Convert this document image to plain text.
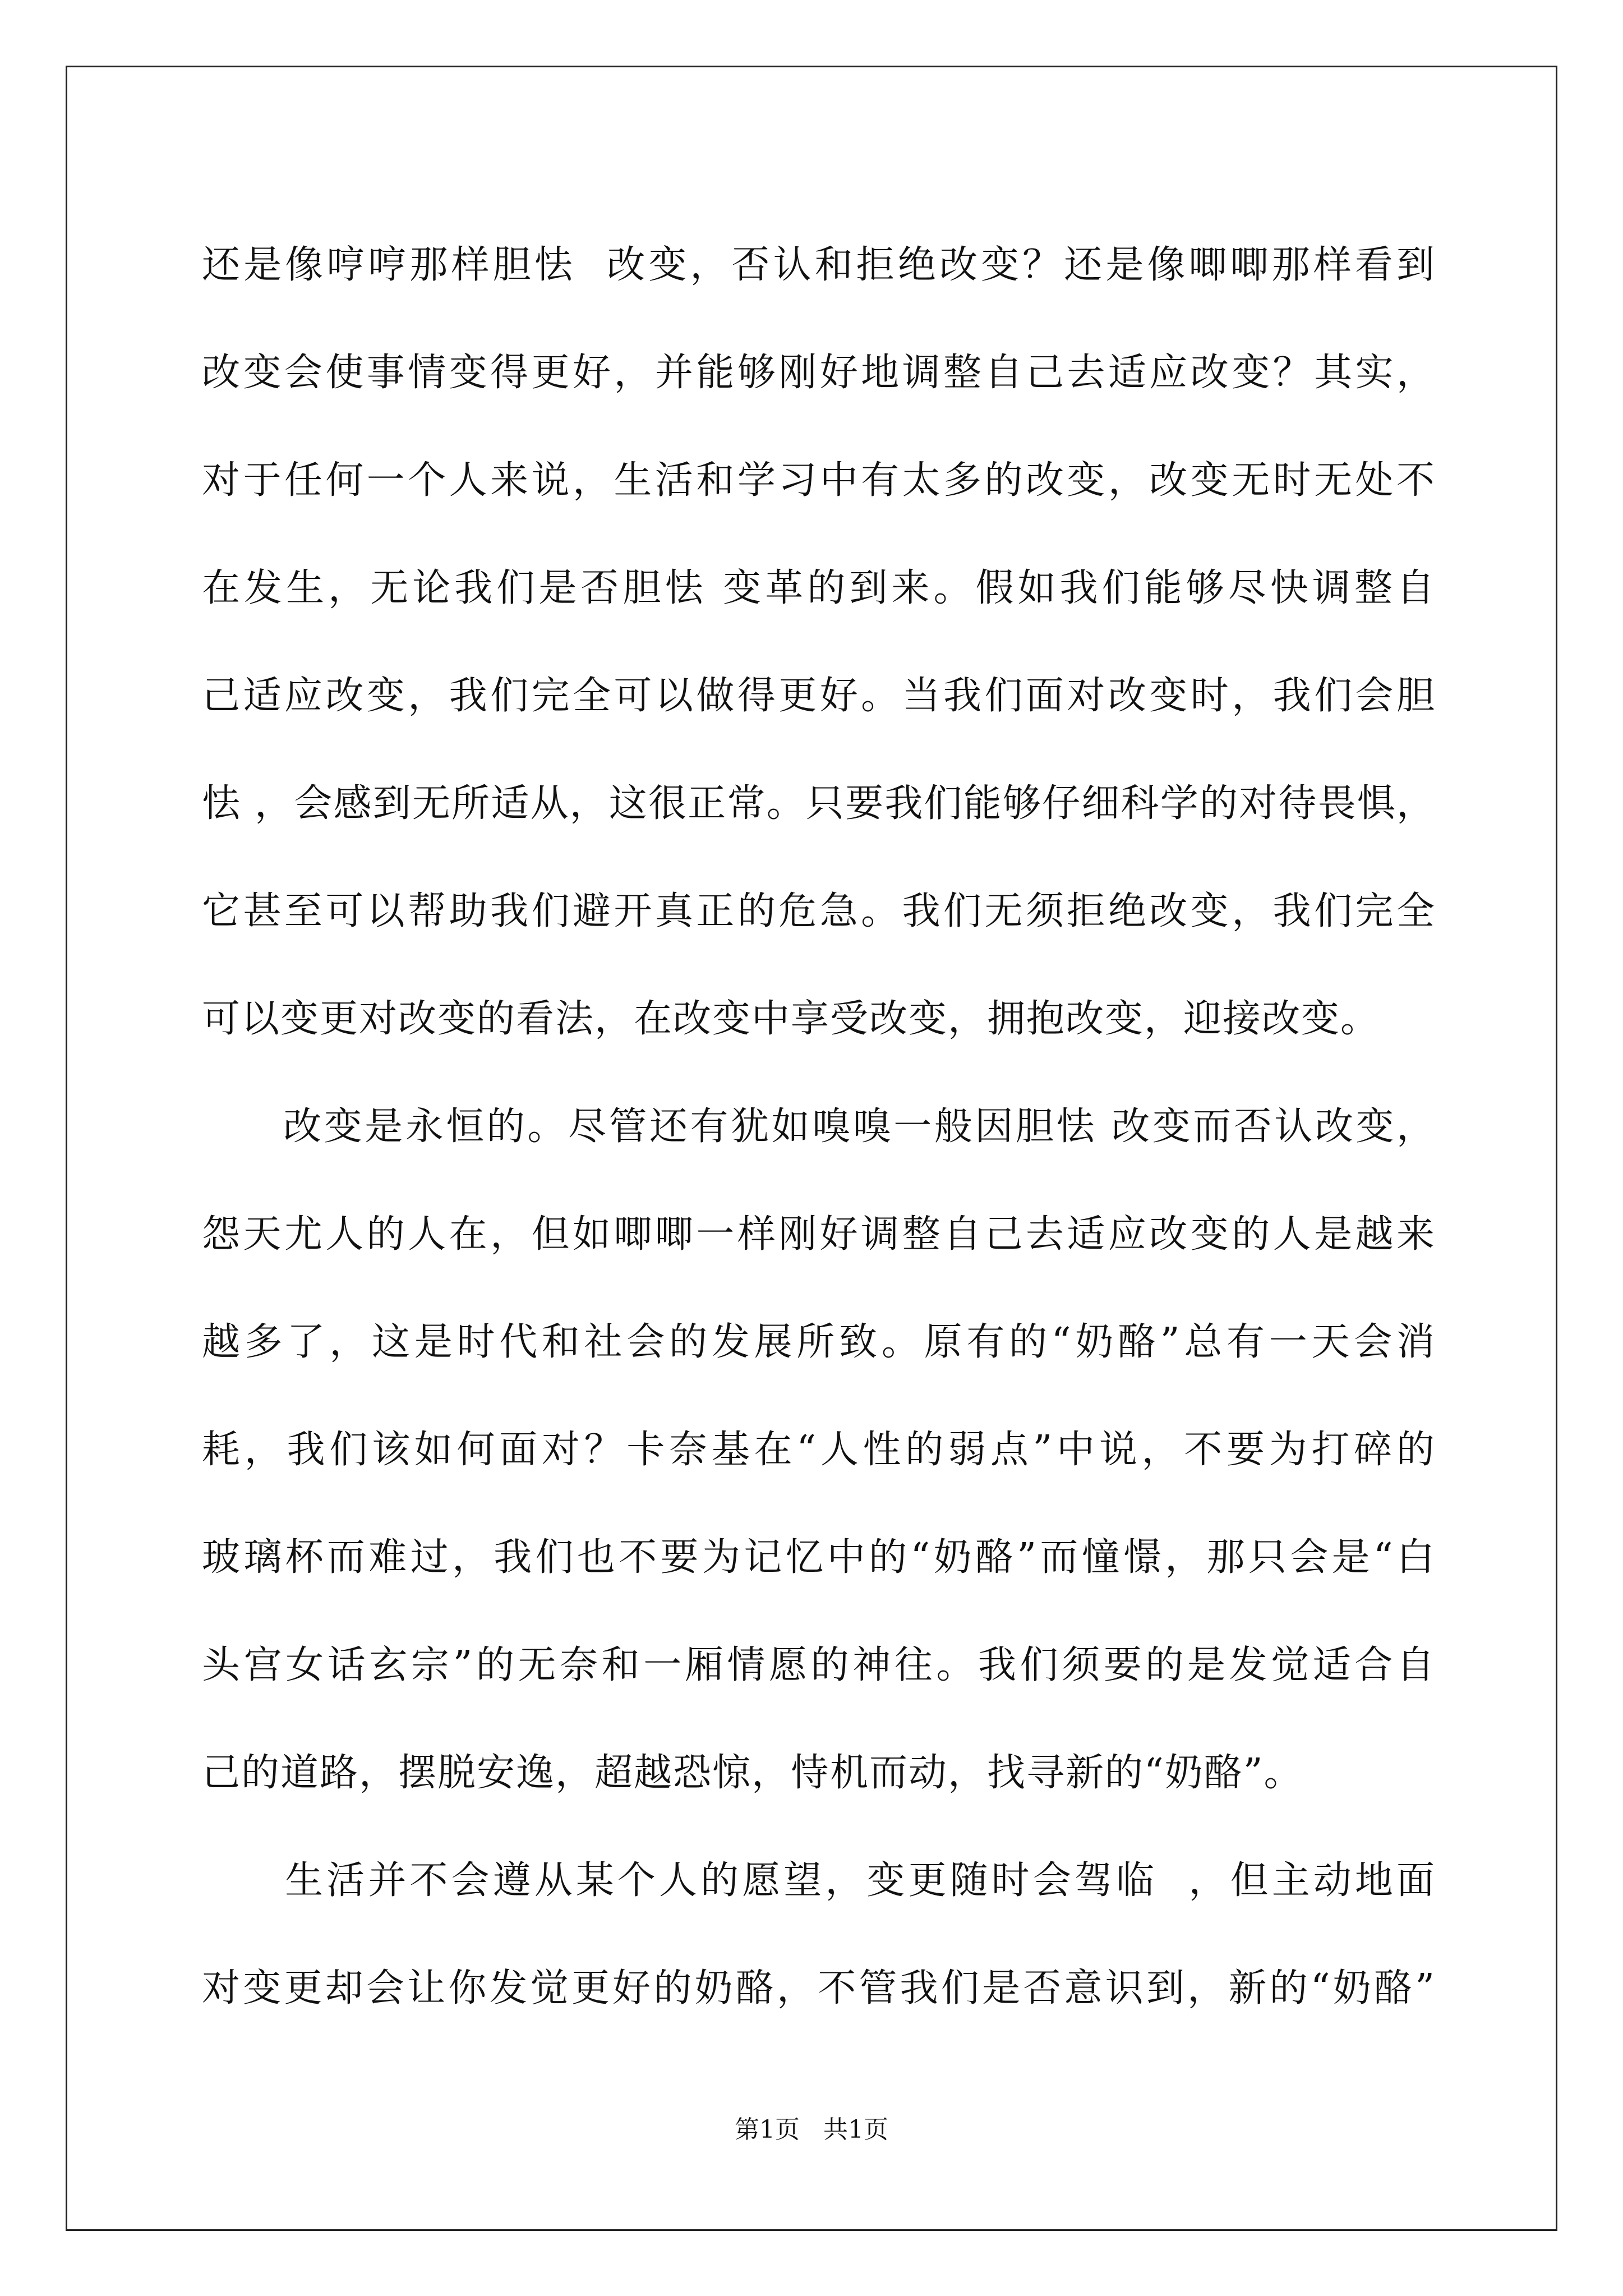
还是像哼哼那样胆怯  改变，否认和拒绝改变？还是像唧唧那样看到
改变会使事情变得更好，并能够刚好地调整自己去适应改变？其实，
对于任何一个人来说，生活和学习中有太多的改变，改变无时无处不
在发生，无论我们是否胆怯 变革的到来。假如我们能够尽快调整自
己适应改变，我们完全可以做得更好。当我们面对改变时，我们会胆
怯 ，会感到无所适从，这很正常。只要我们能够仔细科学的对待畏惧，
它甚至可以帮助我们避开真正的危急。我们无须拒绝改变，我们完全
可以变更对改变的看法，在改变中享受改变，拥抱改变，迎接改变。
　　改变是永恒的。尽管还有犹如嗅嗅一般因胆怯 改变而否认改变，
怨天尤人的人在，但如唧唧一样刚好调整自己去适应改变的人是越来
越多了，这是时代和社会的发展所致。原有的“奶酪”总有一天会消
耗，我们该如何面对？卡奈基在“人性的弱点”中说，不要为打碎的
玻璃杯而难过，我们也不要为记忆中的“奶酪”而憧憬，那只会是“白
头宫女话玄宗”的无奈和一厢情愿的神往。我们须要的是发觉适合自
己的道路，摆脱安逸，超越恐惊，恃机而动，找寻新的“奶酪”。
　　生活并不会遵从某个人的愿望，变更随时会驾临  ，但主动地面
对变更却会让你发觉更好的奶酪，不管我们是否意识到，新的“奶酪”
第1页   共1页
